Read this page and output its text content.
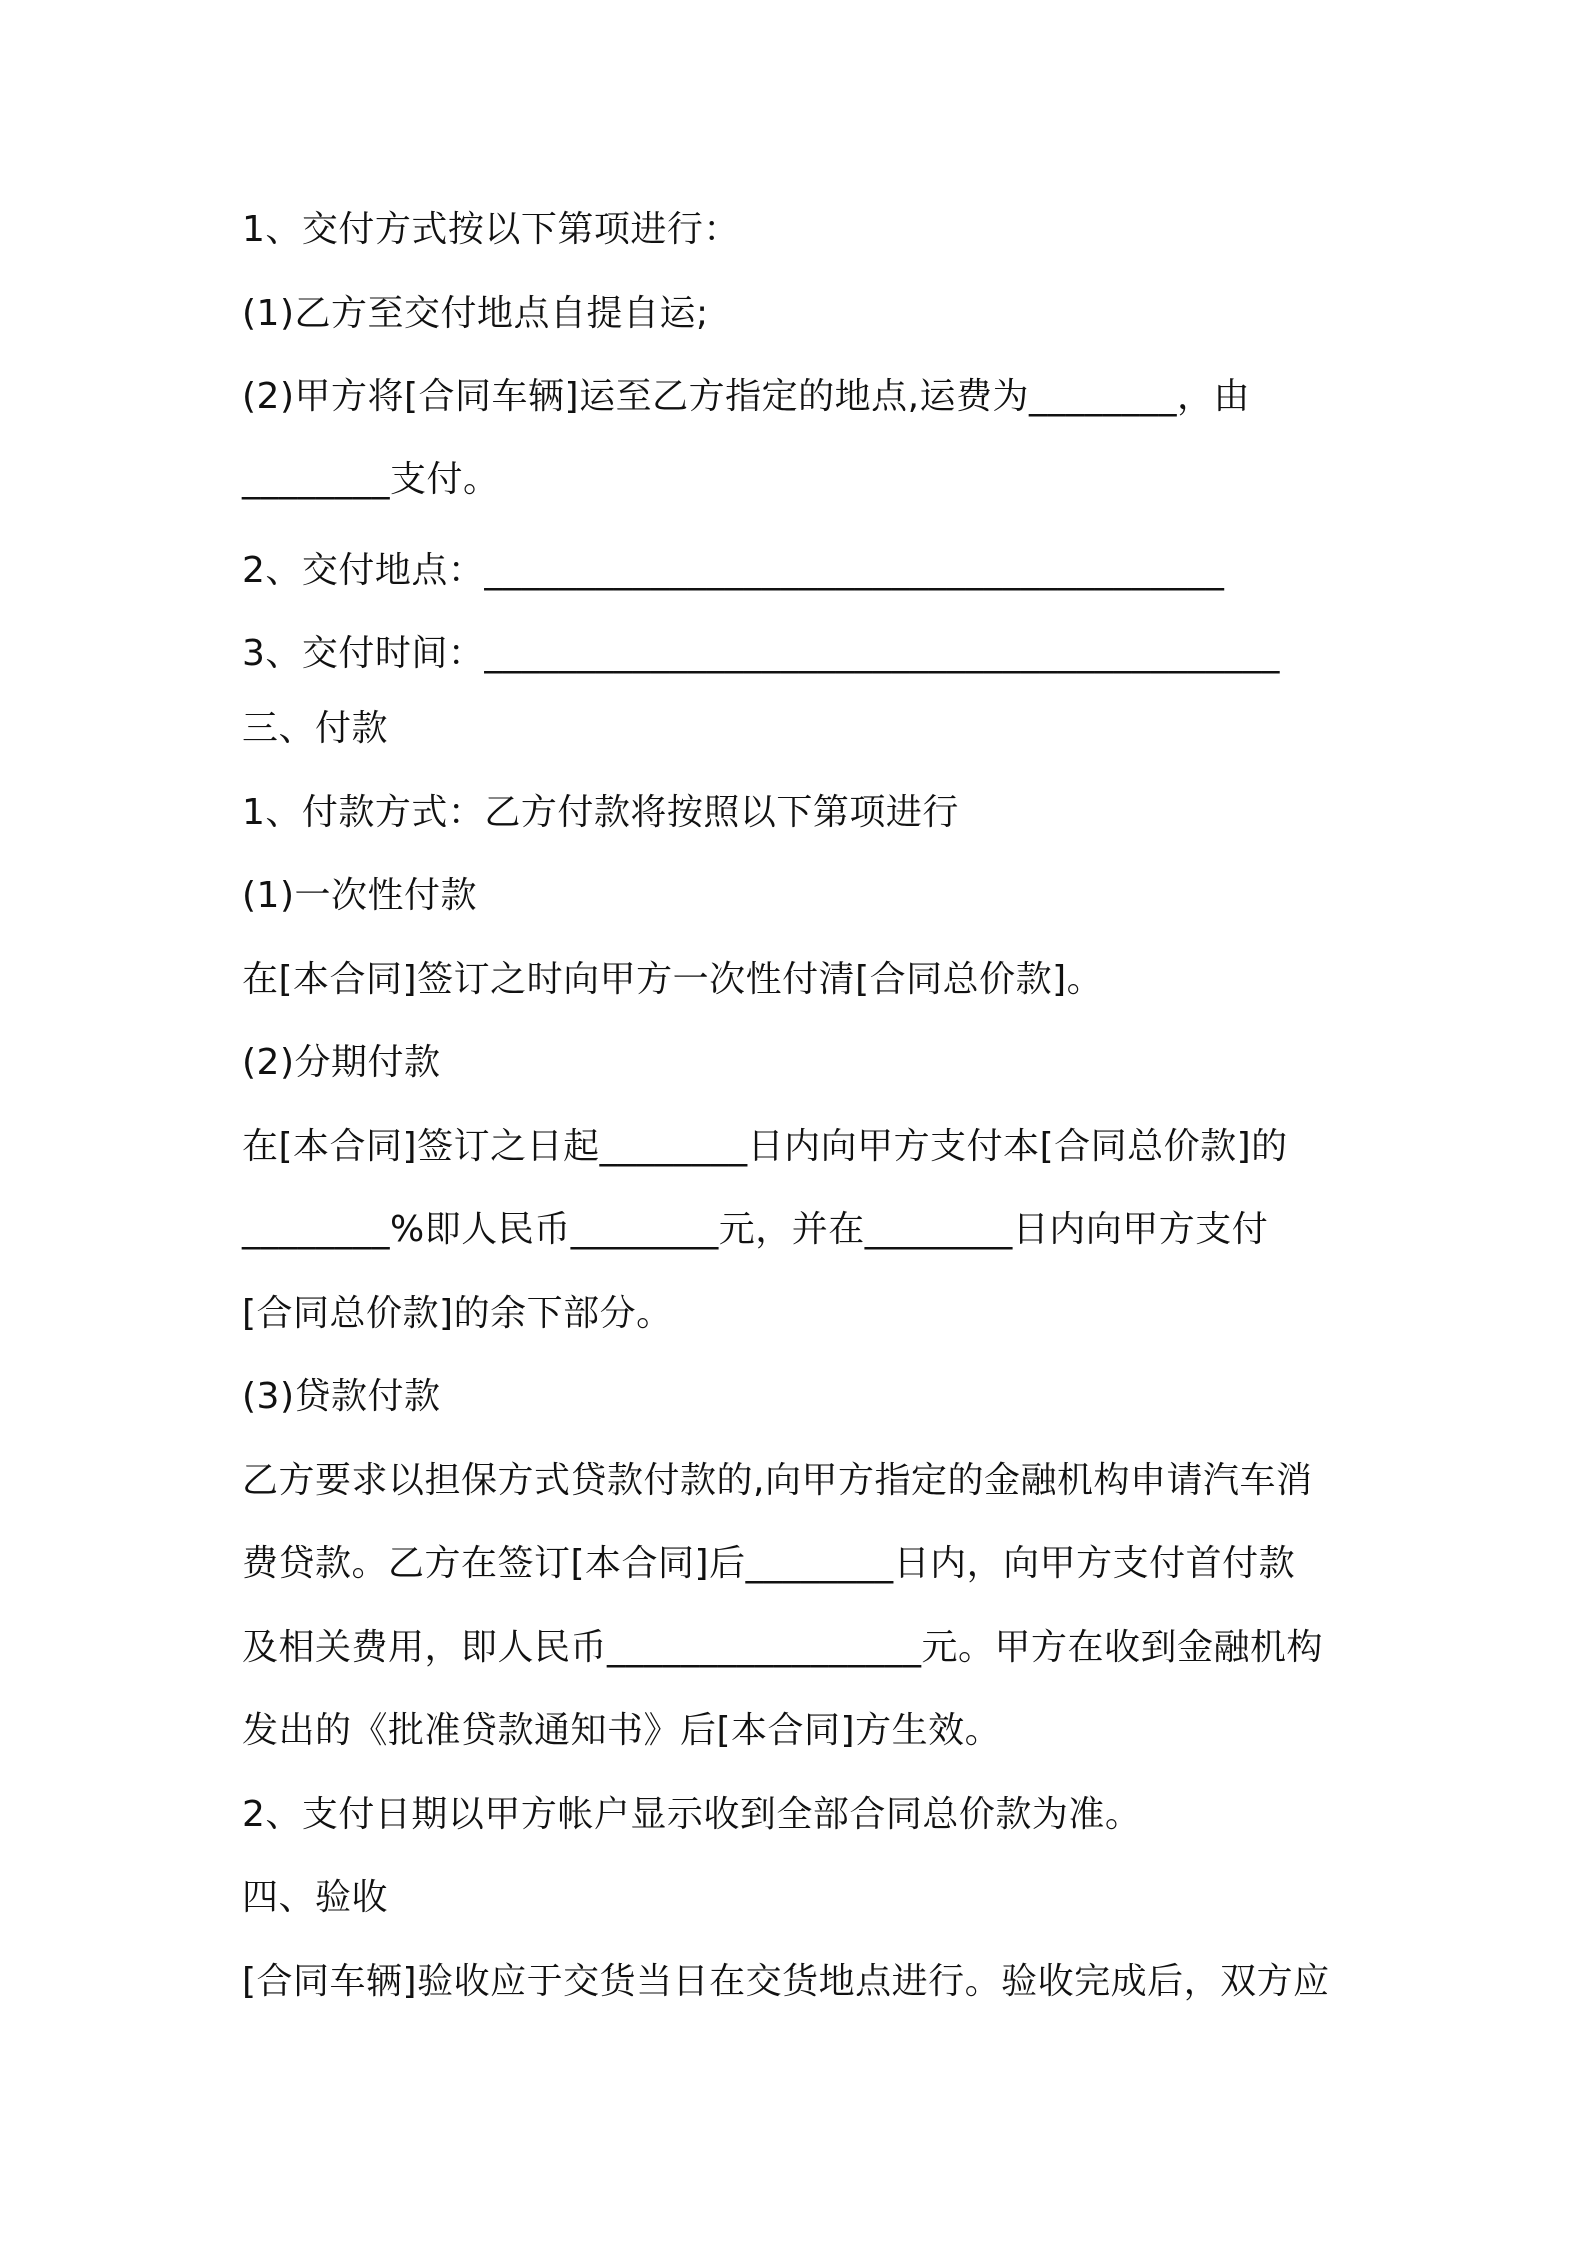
1、交付方式按以下第项进行：
(1)乙方至交付地点自提自运;
(2)甲方将[合同车辆]运至乙方指定的地点,运费为________，由
________支付。
2、交付地点：________________________________________
3、交付时间：___________________________________________
三、付款
1、付款方式：乙方付款将按照以下第项进行
(1)一次性付款
在[本合同]签订之时向甲方一次性付清[合同总价款]。
(2)分期付款
在[本合同]签订之日起________日内向甲方支付本[合同总价款]的
________%即人民币________元，并在________日内向甲方支付
[合同总价款]的余下部分。
(3)贷款付款
乙方要求以担保方式贷款付款的,向甲方指定的金融机构申请汽车消
费贷款。乙方在签订[本合同]后________日内，向甲方支付首付款
及相关费用，即人民币_________________元。甲方在收到金融机构
发出的《批准贷款通知书》后[本合同]方生效。
2、支付日期以甲方帐户显示收到全部合同总价款为准。
四、验收
[合同车辆]验收应于交货当日在交货地点进行。验收完成后，双方应
